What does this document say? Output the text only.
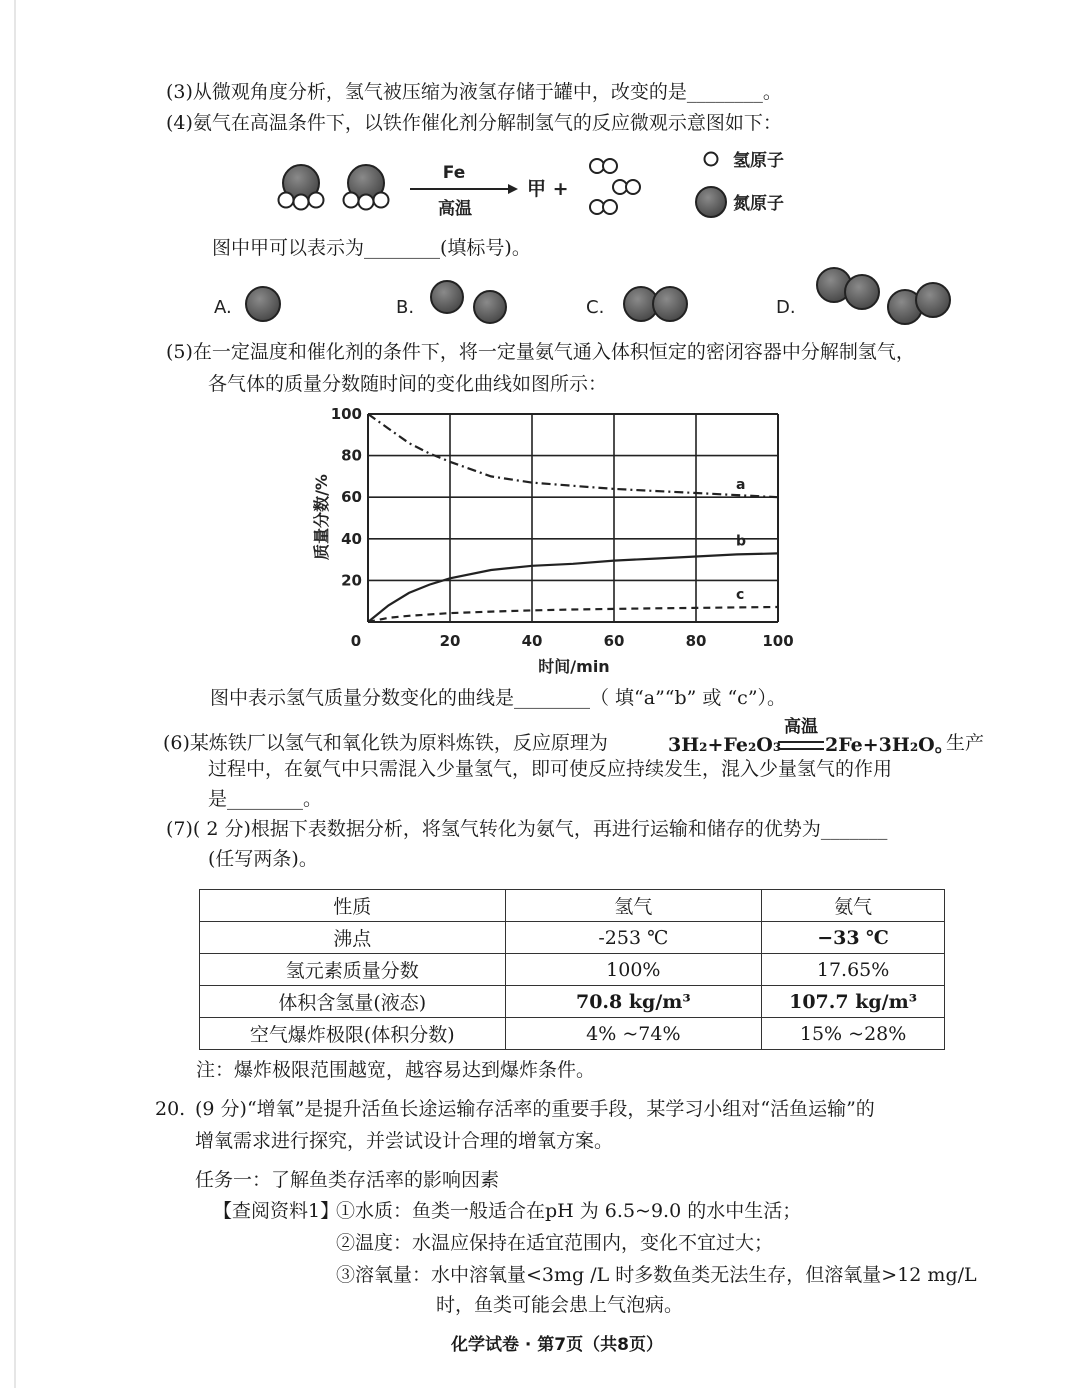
(3)从微观角度分析，氢气被压缩为液氢存储于罐中，改变的是________。
(4)氨气在高温条件下，以铁作催化剂分解制氢气的反应微观示意图如下：
Fe
高温
甲 +
氢原子
氮原子
A.	B.	C.	D.
图中甲可以表示为________(填标号)。
(5)在一定温度和催化剂的条件下，将一定量氨气通入体积恒定的密闭容器中分解制氢气，
各气体的质量分数随时间的变化曲线如图所示：
a
b
c
0	20	40	60	80	100
20
40
60
80
100
时间/min
质量分数/%
图中表示氢气质量分数变化的曲线是________（ 填“a”“b” 或 “c”）。
(6)某炼铁厂以氢气和氧化铁为原料炼铁，反应原理为	3H₂+Fe₂O₃
高温
2Fe+3H₂O。
生产
过程中，在氨气中只需混入少量氢气，即可使反应持续发生，混入少量氢气的作用
是________。
(7)( 2 分)根据下表数据分析，将氢气转化为氨气，再进行运输和储存的优势为_______
(任写两条)。
性质	氢气	氨气
沸点	-253 ℃	−33 ℃
氢元素质量分数	100%	17.65%
体积含氢量(液态)	70.8 kg/m³	107.7 kg/m³
空气爆炸极限(体积分数)	4% ~74%	15% ~28%
注：爆炸极限范围越宽，越容易达到爆炸条件。
20. (9 分)“增氧”是提升活鱼长途运输存活率的重要手段，某学习小组对“活鱼运输”的
增氧需求进行探究，并尝试设计合理的增氧方案。
任务一：了解鱼类存活率的影响因素
【查阅资料1】
①水质：鱼类一般适合在pH 为 6.5~9.0 的水中生活；
②温度：水温应保持在适宜范围内，变化不宜过大；
③溶氧量：水中溶氧量<3mg /L 时多数鱼类无法生存，但溶氧量>12 mg/L
时，鱼类可能会患上气泡病。
化学试卷 · 第7页（共8页）
